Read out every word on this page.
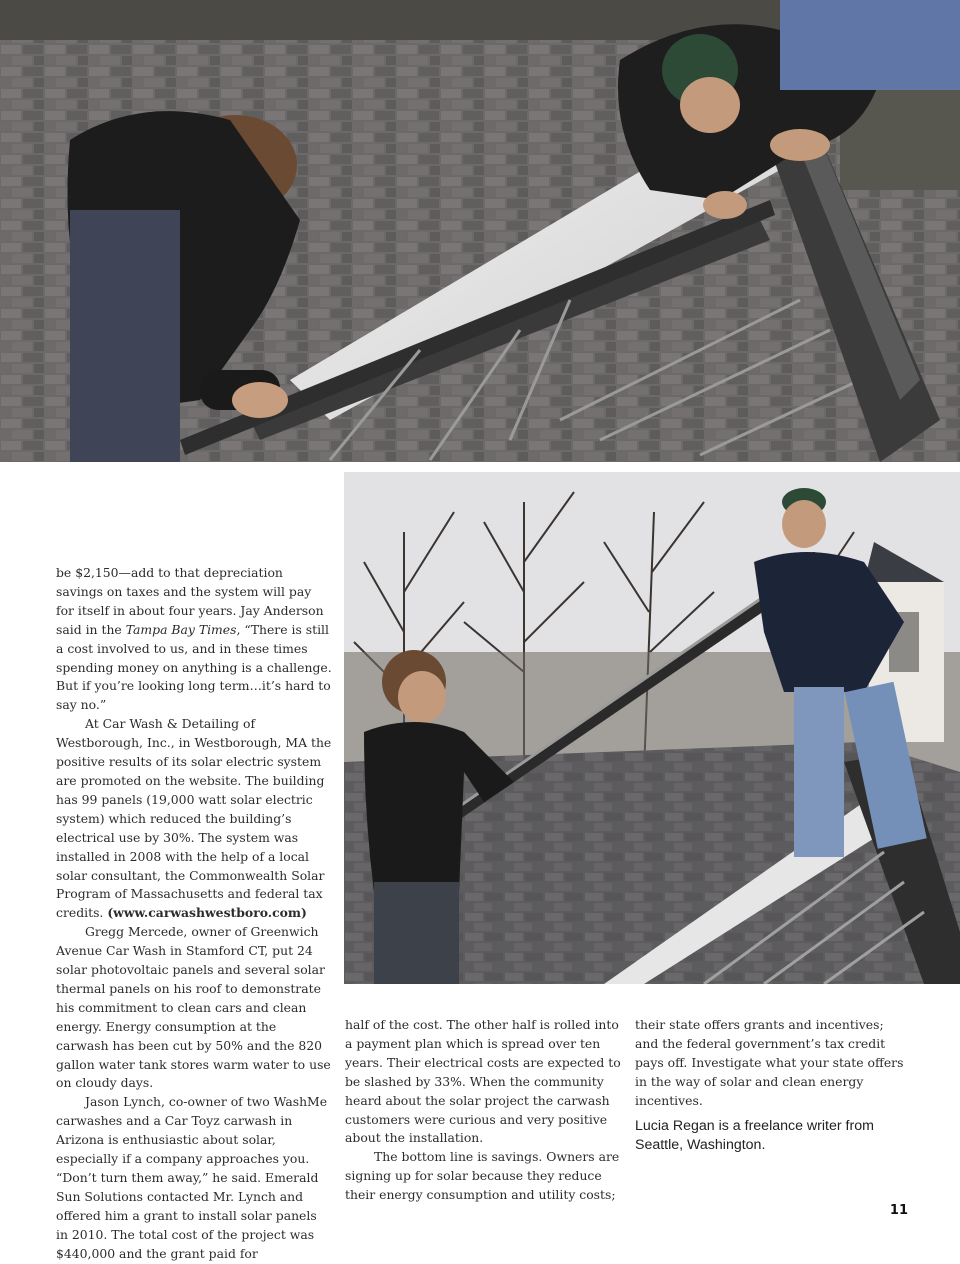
be $2,150—add to that depreciation savings on taxes and the system will pay for itself in about four years. Jay Anderson said in the Tampa Bay Times, “There is still a cost involved to us, and in these times spending money on anything is a challenge. But if you’re looking long term…it’s hard to say no.”

At Car Wash & Detailing of Westborough, Inc., in Westborough, MA the positive results of its solar electric system are promoted on the website. The building has 99 panels (19,000 watt solar electric system) which reduced the building’s electrical use by 30%. The system was installed in 2008 with the help of a local solar consultant, the Commonwealth Solar Program of Massachusetts and federal tax credits. (www.carwashwestboro.com)

Gregg Mercede, owner of Greenwich Avenue Car Wash in Stamford CT, put 24 solar photovoltaic panels and several solar thermal panels on his roof to demonstrate his commitment to clean cars and clean energy. Energy consumption at the carwash has been cut by 50% and the 820 gallon water tank stores warm water to use on cloudy days.

Jason Lynch, co-owner of two WashMe carwashes and a Car Toyz carwash in Arizona is enthusiastic about solar, especially if a company approaches you. “Don’t turn them away,” he said. Emerald Sun Solutions contacted Mr. Lynch and offered him a grant to install solar panels in 2010. The total cost of the project was $440,000 and the grant paid for

half of the cost. The other half is rolled into a payment plan which is spread over ten years. Their electrical costs are expected to be slashed by 33%. When the community heard about the solar project the carwash customers were curious and very positive about the installation.

The bottom line is savings. Owners are signing up for solar because they reduce their energy consumption and utility costs;

their state offers grants and incentives; and the federal government’s tax credit pays off. Investigate what your state offers in the way of solar and clean energy incentives.

Lucia Regan is a freelance writer from Seattle, Washington.

11
